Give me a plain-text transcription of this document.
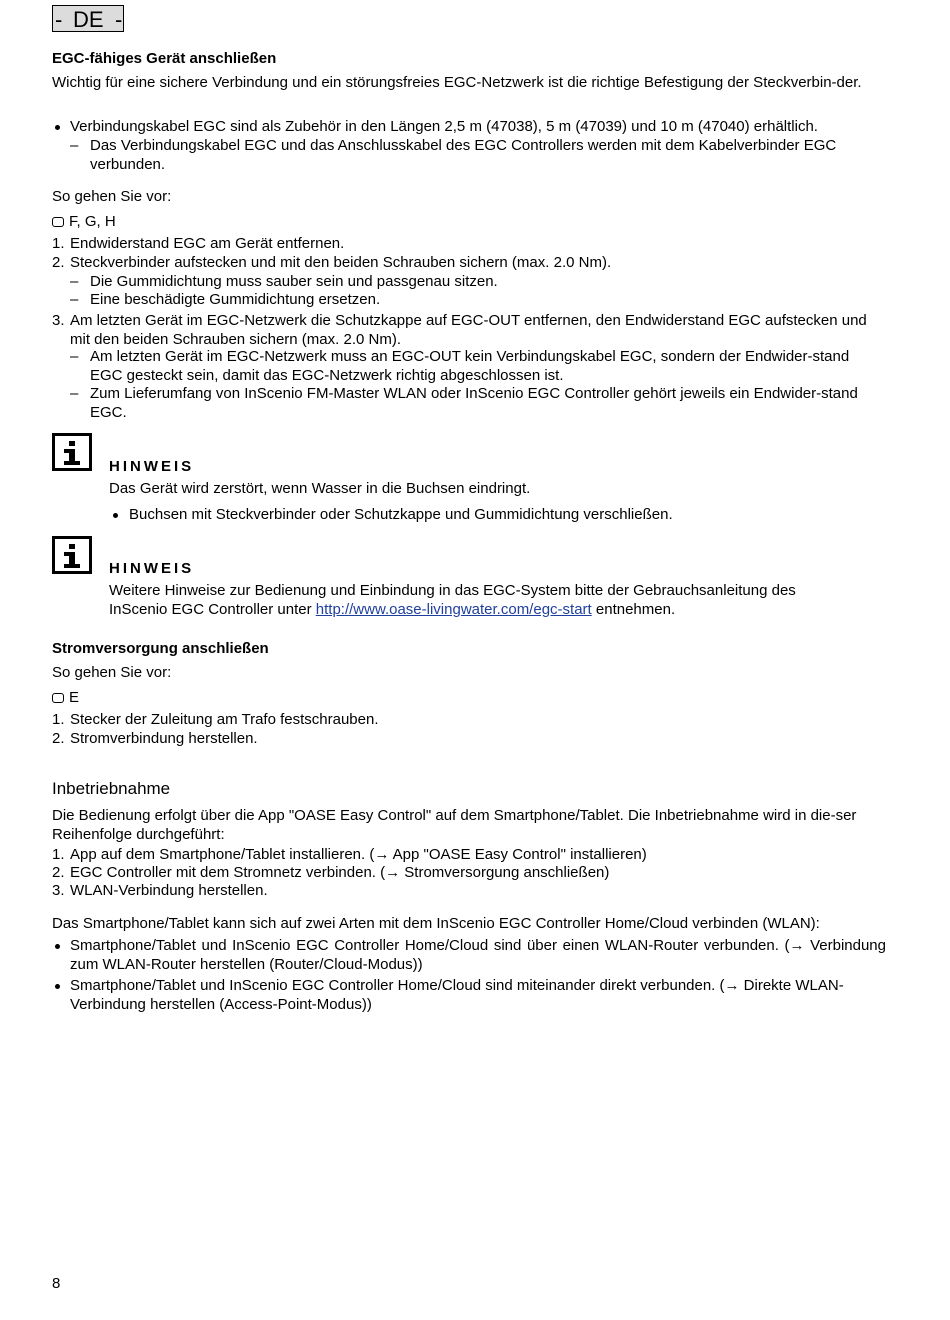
- DE -
EGC-fähiges Gerät anschließen
Wichtig für eine sichere Verbindung und ein störungsfreies EGC-Netzwerk ist die richtige Befestigung der Steckverbin-der.
Verbindungskabel EGC sind als Zubehör in den Längen 2,5 m (47038), 5 m (47039) und 10 m (47040) erhältlich.
– Das Verbindungskabel EGC und das Anschlusskabel des EGC Controllers werden mit dem Kabelverbinder EGC verbunden.
So gehen Sie vor:
F, G, H
1. Endwiderstand EGC am Gerät entfernen.
2. Steckverbinder aufstecken und mit den beiden Schrauben sichern (max. 2.0 Nm).
– Die Gummidichtung muss sauber sein und passgenau sitzen.
– Eine beschädigte Gummidichtung ersetzen.
3. Am letzten Gerät im EGC-Netzwerk die Schutzkappe auf EGC-OUT entfernen, den Endwiderstand EGC aufstecken und mit den beiden Schrauben sichern (max. 2.0 Nm).
– Am letzten Gerät im EGC-Netzwerk muss an EGC-OUT kein Verbindungskabel EGC, sondern der Endwider-stand EGC gesteckt sein, damit das EGC-Netzwerk richtig abgeschlossen ist.
– Zum Lieferumfang von InScenio FM-Master WLAN oder InScenio EGC Controller gehört jeweils ein Endwider-stand EGC.
HINWEIS
Das Gerät wird zerstört, wenn Wasser in die Buchsen eindringt.
Buchsen mit Steckverbinder oder Schutzkappe und Gummidichtung verschließen.
HINWEIS
Weitere Hinweise zur Bedienung und Einbindung in das EGC-System bitte der Gebrauchsanleitung des InScenio EGC Controller unter http://www.oase-livingwater.com/egc-start entnehmen.
Stromversorgung anschließen
So gehen Sie vor:
E
1. Stecker der Zuleitung am Trafo festschrauben.
2. Stromverbindung herstellen.
Inbetriebnahme
Die Bedienung erfolgt über die App "OASE Easy Control" auf dem Smartphone/Tablet. Die Inbetriebnahme wird in die-ser Reihenfolge durchgeführt:
1. App auf dem Smartphone/Tablet installieren. (→ App "OASE Easy Control" installieren)
2. EGC Controller mit dem Stromnetz verbinden. (→ Stromversorgung anschließen)
3. WLAN-Verbindung herstellen.
Das Smartphone/Tablet kann sich auf zwei Arten mit dem InScenio EGC Controller Home/Cloud verbinden (WLAN):
Smartphone/Tablet und InScenio EGC Controller Home/Cloud sind über einen WLAN-Router verbunden. (→ Verbindung zum WLAN-Router herstellen (Router/Cloud-Modus))
Smartphone/Tablet und InScenio EGC Controller Home/Cloud sind miteinander direkt verbunden. (→ Direkte WLAN-Verbindung herstellen (Access-Point-Modus))
8
